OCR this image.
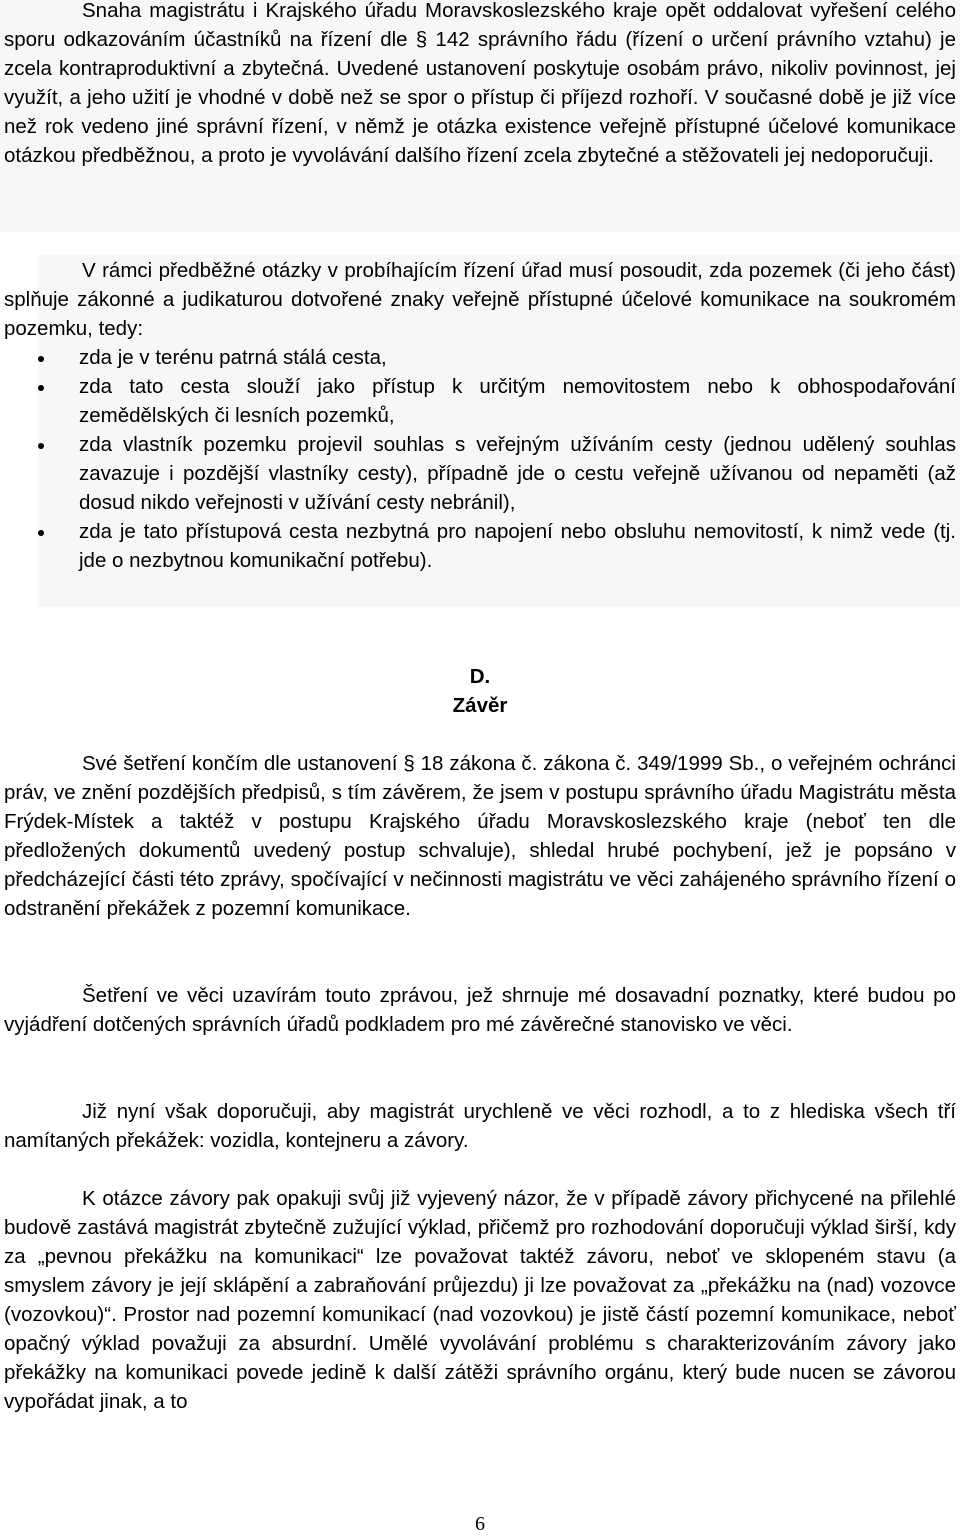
Snaha magistrátu i Krajského úřadu Moravskoslezského kraje opět oddalovat vyřešení celého sporu odkazováním účastníků na řízení dle § 142 správního řádu (řízení o určení právního vztahu) je zcela kontraproduktivní a zbytečná. Uvedené ustanovení poskytuje osobám právo, nikoliv povinnost, jej využít, a jeho užití je vhodné v době než se spor o přístup či příjezd rozhoří. V současné době je již více než rok vedeno jiné správní řízení, v němž je otázka existence veřejně přístupné účelové komunikace otázkou předběžnou, a proto je vyvolávání dalšího řízení zcela zbytečné a stěžovateli jej nedoporučuji.

V rámci předběžné otázky v probíhajícím řízení úřad musí posoudit, zda pozemek (či jeho část) splňuje zákonné a judikaturou dotvořené znaky veřejně přístupné účelové komunikace na soukromém pozemku, tedy:

zda je v terénu patrná stálá cesta,
zda tato cesta slouží jako přístup k určitým nemovitostem nebo k obhospodařování zemědělských či lesních pozemků,
zda vlastník pozemku projevil souhlas s veřejným užíváním cesty (jednou udělený souhlas zavazuje i pozdější vlastníky cesty), případně jde o cestu veřejně užívanou od nepaměti (až dosud nikdo veřejnosti v užívání cesty nebránil),
zda je tato přístupová cesta nezbytná pro napojení nebo obsluhu nemovitostí, k nimž vede (tj. jde o nezbytnou komunikační potřebu).
D.
Závěr

Své šetření končím dle ustanovení § 18 zákona č. zákona č. 349/1999 Sb., o veřejném ochránci práv, ve znění pozdějších předpisů, s tím závěrem, že jsem v postupu správního úřadu Magistrátu města Frýdek-Místek a taktéž v postupu Krajského úřadu Moravskoslezského kraje (neboť ten dle předložených dokumentů uvedený postup schvaluje), shledal hrubé pochybení, jež je popsáno v předcházející části této zprávy, spočívající v nečinnosti magistrátu ve věci zahájeného správního řízení o odstranění překážek z pozemní komunikace.

Šetření ve věci uzavírám touto zprávou, jež shrnuje mé dosavadní poznatky, které budou po vyjádření dotčených správních úřadů podkladem pro mé závěrečné stanovisko ve věci.

Již nyní však doporučuji, aby magistrát urychleně ve věci rozhodl, a to z hlediska všech tří namítaných překážek: vozidla, kontejneru a závory.

K otázce závory pak opakuji svůj již vyjevený názor, že v případě závory přichycené na přilehlé budově zastává magistrát zbytečně zužující výklad, přičemž pro rozhodování doporučuji výklad širší, kdy za „pevnou překážku na komunikaci“ lze považovat taktéž závoru, neboť ve sklopeném stavu (a smyslem závory je její sklápění a zabraňování průjezdu) ji lze považovat za „překážku na (nad) vozovce (vozovkou)“. Prostor nad pozemní komunikací (nad vozovkou) je jistě částí pozemní komunikace, neboť opačný výklad považuji za absurdní. Umělé vyvolávání problému s charakterizováním závory jako překážky na komunikaci povede jedině k další zátěži správního orgánu, který bude nucen se závorou vypořádat jinak, a to

6
